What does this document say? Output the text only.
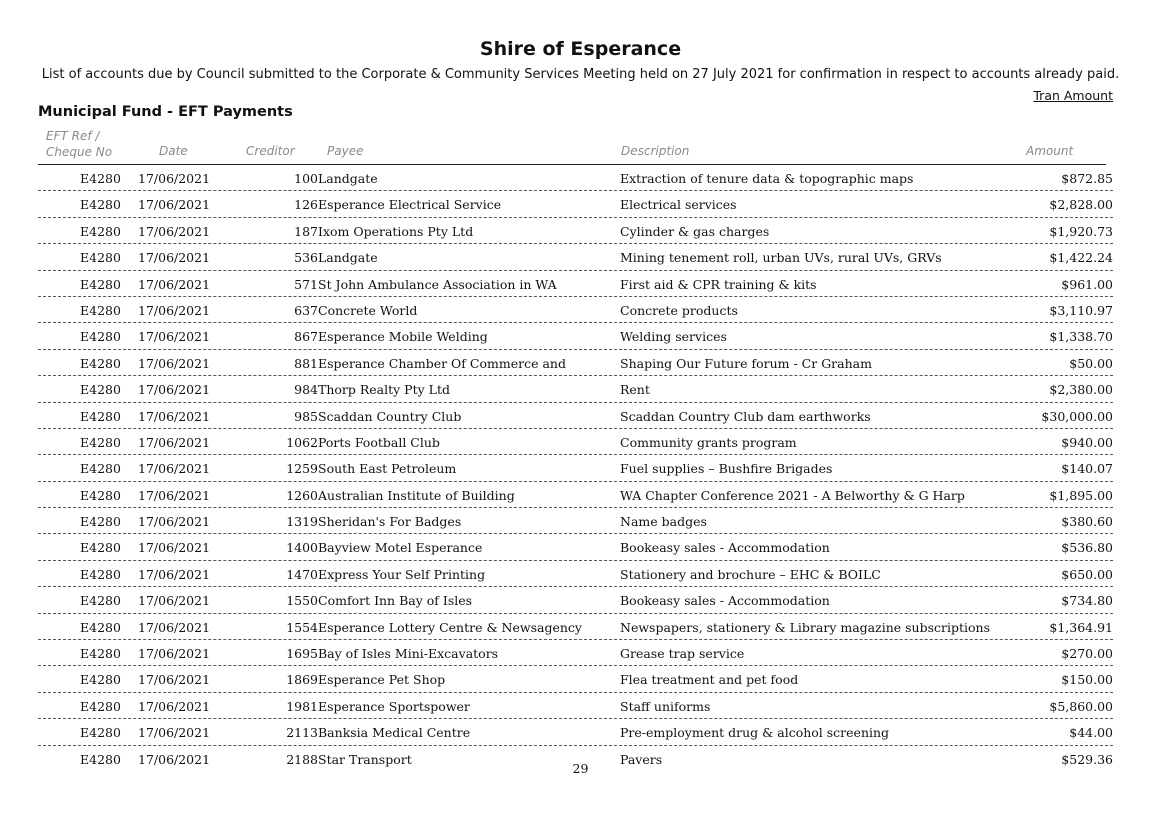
Shire of Esperance
List of accounts due by Council submitted to the Corporate & Community Services Meeting held on 27 July 2021 for confirmation in respect to accounts already paid.
Tran Amount
Municipal Fund - EFT Payments
EFT Ref /
Cheque No	Date	Creditor	Payee	Description	Amount
E4280 17/06/2021	100 Landgate	Extraction of tenure data & topographic maps	$872.85
E4280 17/06/2021	126 Esperance Electrical Service	Electrical services	$2,828.00
E4280 17/06/2021	187 Ixom Operations Pty Ltd	Cylinder & gas charges	$1,920.73
E4280 17/06/2021	536 Landgate	Mining tenement roll, urban UVs, rural UVs, GRVs	$1,422.24
E4280 17/06/2021	571 St John Ambulance Association in WA	First aid & CPR training & kits	$961.00
E4280 17/06/2021	637 Concrete World	Concrete products	$3,110.97
E4280 17/06/2021	867 Esperance Mobile Welding	Welding services	$1,338.70
E4280 17/06/2021	881 Esperance Chamber Of Commerce and	Shaping Our Future forum - Cr Graham	$50.00
E4280 17/06/2021	984 Thorp Realty Pty Ltd	Rent	$2,380.00
E4280 17/06/2021	985 Scaddan Country Club	Scaddan Country Club dam earthworks	$30,000.00
E4280 17/06/2021	1062 Ports Football Club	Community grants program	$940.00
E4280 17/06/2021	1259 South East Petroleum	Fuel supplies – Bushfire Brigades	$140.07
E4280 17/06/2021	1260 Australian Institute of Building	WA Chapter Conference 2021 - A Belworthy & G Harp	$1,895.00
E4280 17/06/2021	1319 Sheridan's For Badges	Name badges	$380.60
E4280 17/06/2021	1400 Bayview Motel Esperance	Bookeasy sales - Accommodation	$536.80
E4280 17/06/2021	1470 Express Your Self Printing	Stationery and brochure – EHC & BOILC	$650.00
E4280 17/06/2021	1550 Comfort Inn Bay of Isles	Bookeasy sales - Accommodation	$734.80
E4280 17/06/2021	1554 Esperance Lottery Centre & Newsagency	Newspapers, stationery & Library magazine subscriptions	$1,364.91
E4280 17/06/2021	1695 Bay of Isles Mini-Excavators	Grease trap service	$270.00
E4280 17/06/2021	1869 Esperance Pet Shop	Flea treatment and pet food	$150.00
E4280 17/06/2021	1981 Esperance Sportspower	Staff uniforms	$5,860.00
E4280 17/06/2021	2113 Banksia Medical Centre	Pre-employment drug & alcohol screening	$44.00
E4280 17/06/2021	2188 Star Transport	Pavers	$529.36
29
